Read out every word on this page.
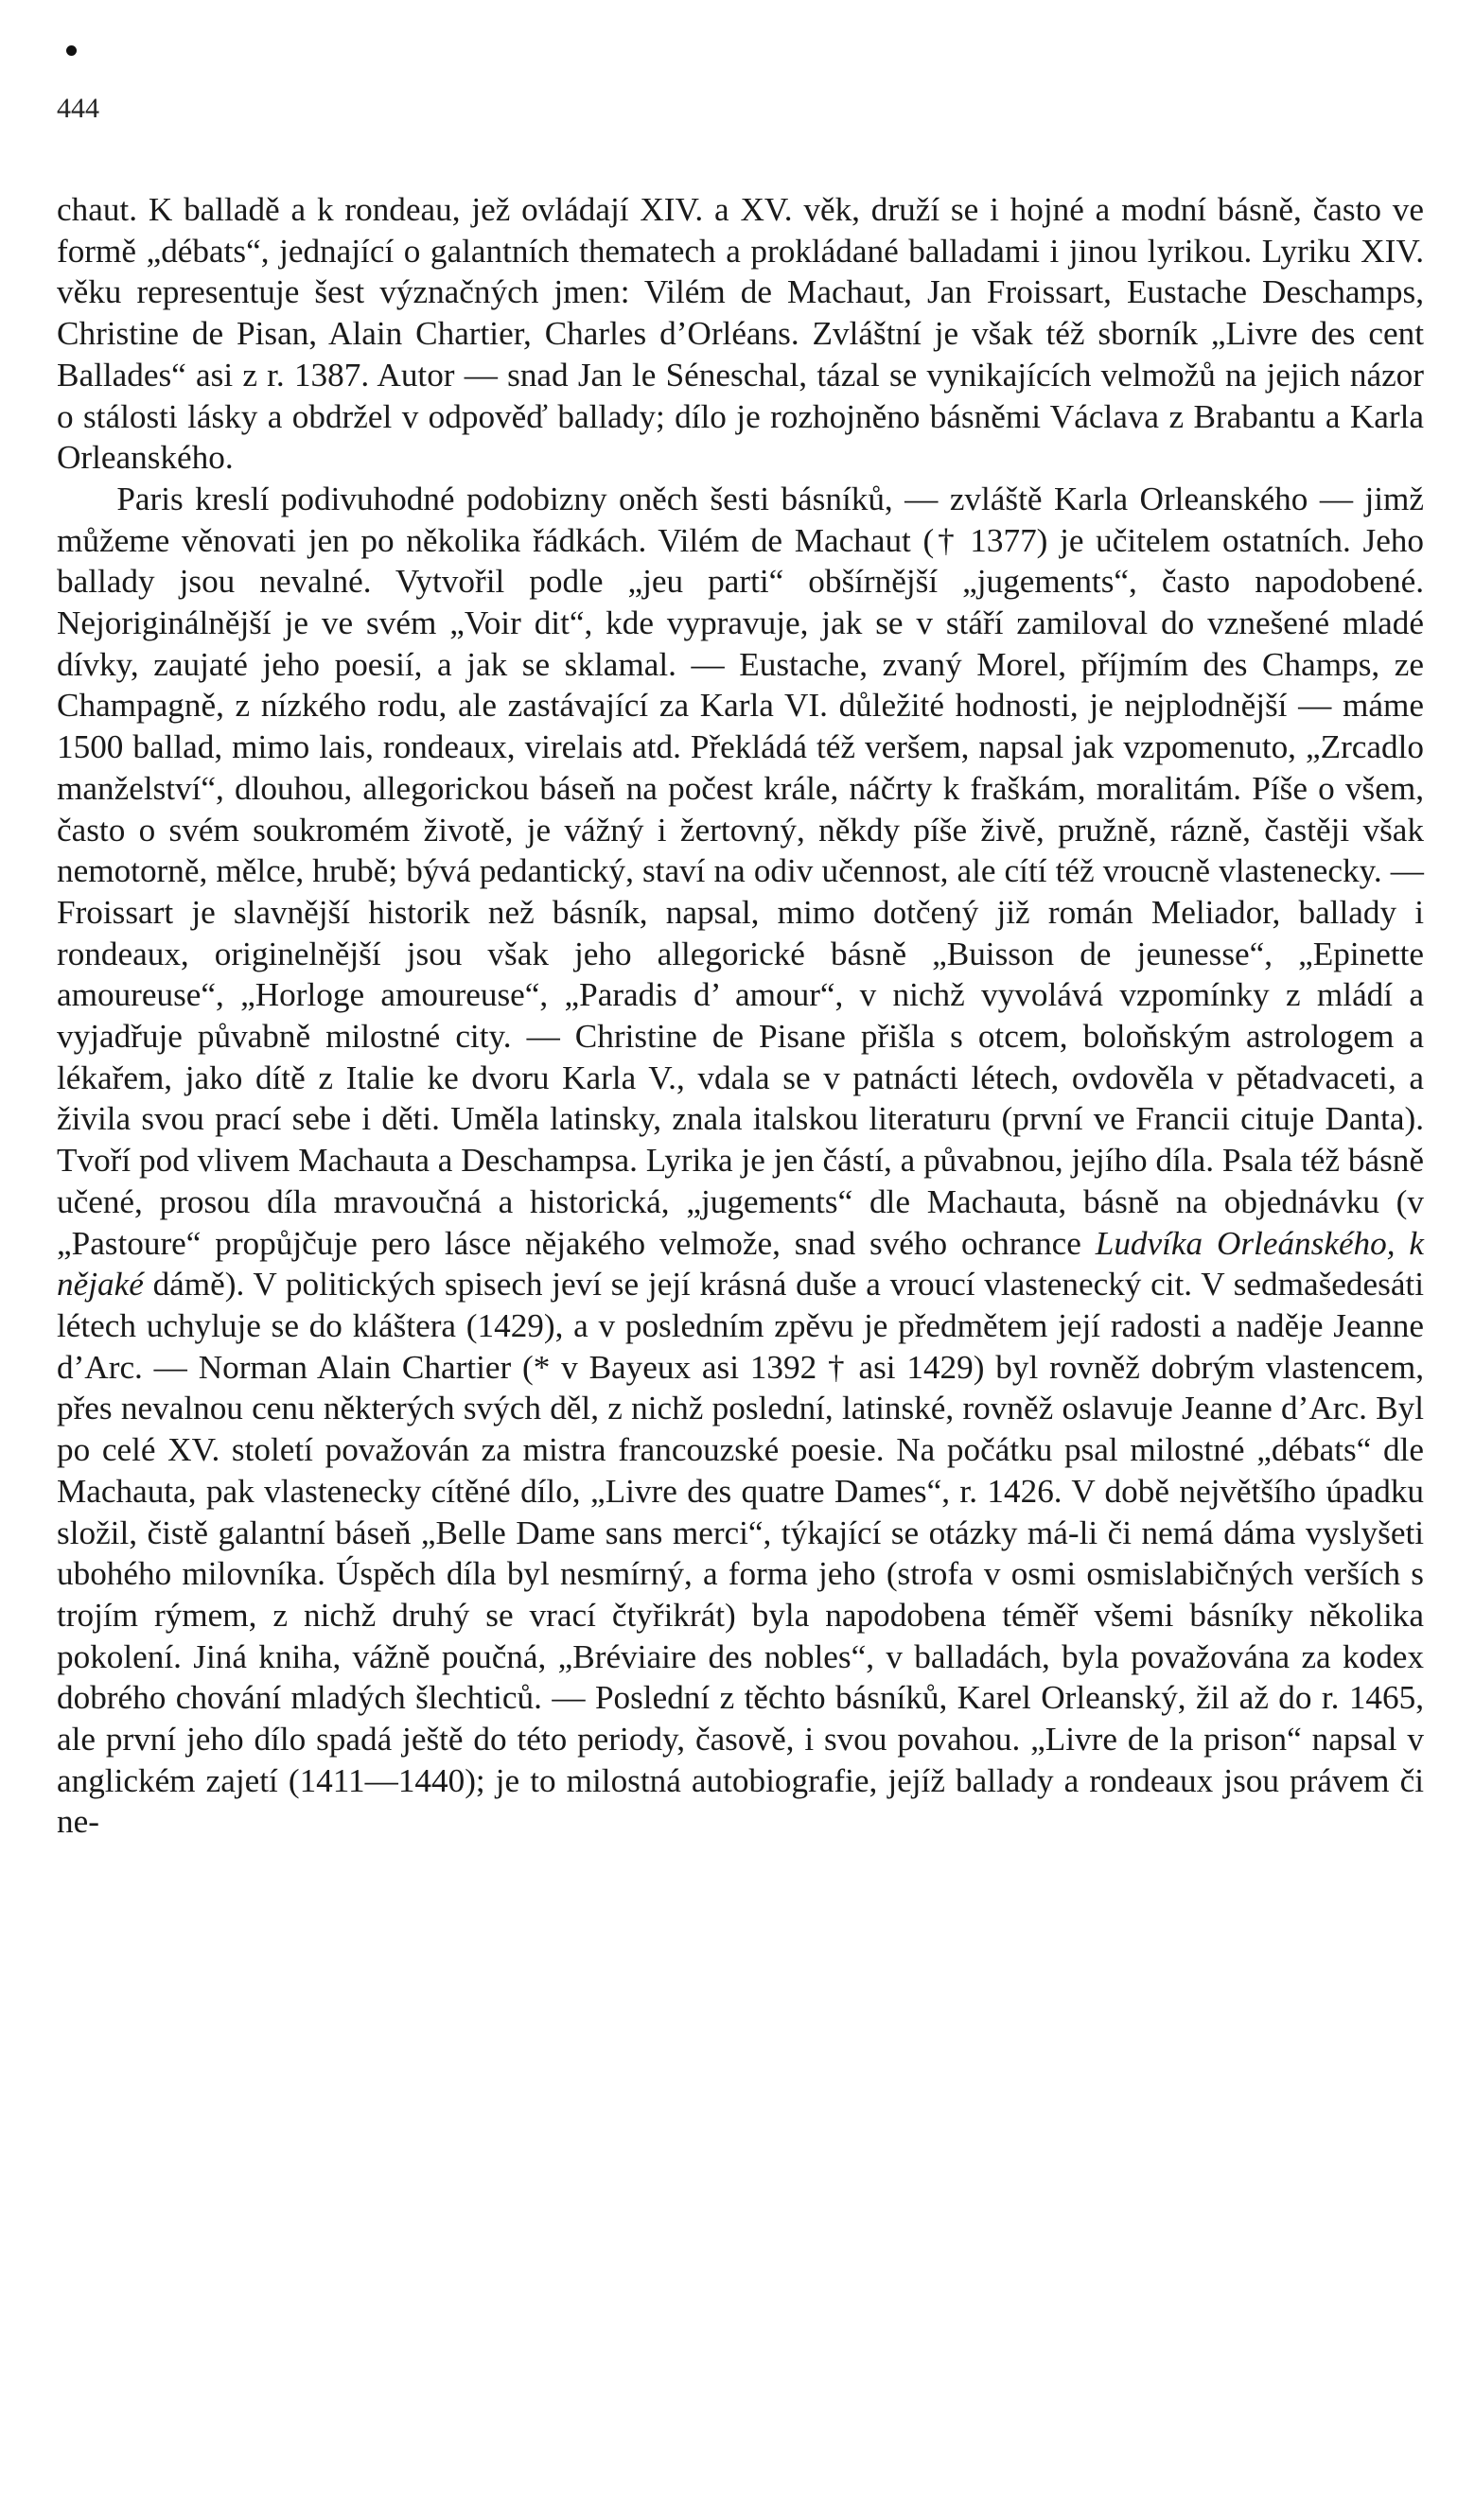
444

chaut. K balladě a k rondeau, jež ovládají XIV. a XV. věk, druží se i hojné a modní básně, často ve formě „débats“, jednající o galantních thematech a prokládané balladami i jinou lyrikou. Lyriku XIV. věku representuje šest význačných jmen: Vilém de Machaut, Jan Froissart, Eustache Deschamps, Christine de Pisan, Alain Chartier, Charles d’Orléans. Zvláštní je však též sborník „Livre des cent Ballades“ asi z r. 1387. Autor — snad Jan le Séneschal, tázal se vynikajících velmožů na jejich názor o stálosti lásky a obdržel v odpověď ballady; dílo je rozhojněno básněmi Václava z Brabantu a Karla Orleanského.

Paris kreslí podivuhodné podobizny oněch šesti básníků, — zvláště Karla Orleanského — jimž můžeme věnovati jen po několika řádkách. Vilém de Machaut († 1377) je učitelem ostatních. Jeho ballady jsou nevalné. Vytvořil podle „jeu parti“ obšírnější „jugements“, často napodobené. Nejoriginálnější je ve svém „Voir dit“, kde vypravuje, jak se v stáří zamiloval do vznešené mladé dívky, zaujaté jeho poesií, a jak se sklamal. — Eustache, zvaný Morel, příjmím des Champs, ze Champagně, z nízkého rodu, ale zastávající za Karla VI. důležité hodnosti, je nejplodnější — máme 1500 ballad, mimo lais, rondeaux, virelais atd. Překládá též veršem, napsal jak vzpomenuto, „Zrcadlo manželství“, dlouhou, allegorickou báseň na počest krále, náčrty k fraškám, moralitám. Píše o všem, často o svém soukromém životě, je vážný i žertovný, někdy píše živě, pružně, rázně, častěji však nemotorně, mělce, hrubě; bývá pedantický, staví na odiv učennost, ale cítí též vroucně vlastenecky. — Froissart je slavnější historik než básník, napsal, mimo dotčený již román Meliador, ballady i rondeaux, originelnější jsou však jeho allegorické básně „Buisson de jeunesse“, „Epinette amoureuse“, „Horloge amoureuse“, „Paradis d’ amour“, v nichž vyvolává vzpomínky z mládí a vyjadřuje půvabně milostné city. — Christine de Pisane přišla s otcem, boloňským astrologem a lékařem, jako dítě z Italie ke dvoru Karla V., vdala se v patnácti létech, ovdověla v pětadvaceti, a živila svou prací sebe i děti. Uměla latinsky, znala italskou literaturu (první ve Francii cituje Danta). Tvoří pod vlivem Machauta a Deschampsa. Lyrika je jen částí, a půvabnou, jejího díla. Psala též básně učené, prosou díla mravoučná a historická, „jugements“ dle Machauta, básně na objednávku (v „Pastoure“ propůjčuje pero lásce nějakého velmože, snad svého ochrance Ludvíka Orleánského, k nějaké dámě). V politických spisech jeví se její krásná duše a vroucí vlastenecký cit. V sedmašedesáti létech uchyluje se do kláštera (1429), a v posledním zpěvu je předmětem její radosti a naděje Jeanne d’Arc. — Norman Alain Chartier (* v Bayeux asi 1392 † asi 1429) byl rovněž dobrým vlastencem, přes nevalnou cenu některých svých děl, z nichž poslední, latinské, rovněž oslavuje Jeanne d’Arc. Byl po celé XV. století považován za mistra francouzské poesie. Na počátku psal milostné „débats“ dle Machauta, pak vlastenecky cítěné dílo, „Livre des quatre Dames“, r. 1426. V době největšího úpadku složil, čistě galantní báseň „Belle Dame sans merci“, týkající se otázky má-li či nemá dáma vyslyšeti ubohého milovníka. Úspěch díla byl nesmírný, a forma jeho (strofa v osmi osmislabičných verších s trojím rýmem, z nichž druhý se vrací čtyřikrát) byla napodobena téměř všemi básníky několika pokolení. Jiná kniha, vážně poučná, „Bréviaire des nobles“, v balladách, byla považována za kodex dobrého chování mladých šlechticů. — Poslední z těchto básníků, Karel Orleanský, žil až do r. 1465, ale první jeho dílo spadá ještě do této periody, časově, i svou povahou. „Livre de la prison“ napsal v anglickém zajetí (1411—1440); je to milostná autobiografie, jejíž ballady a rondeaux jsou právem či ne-
